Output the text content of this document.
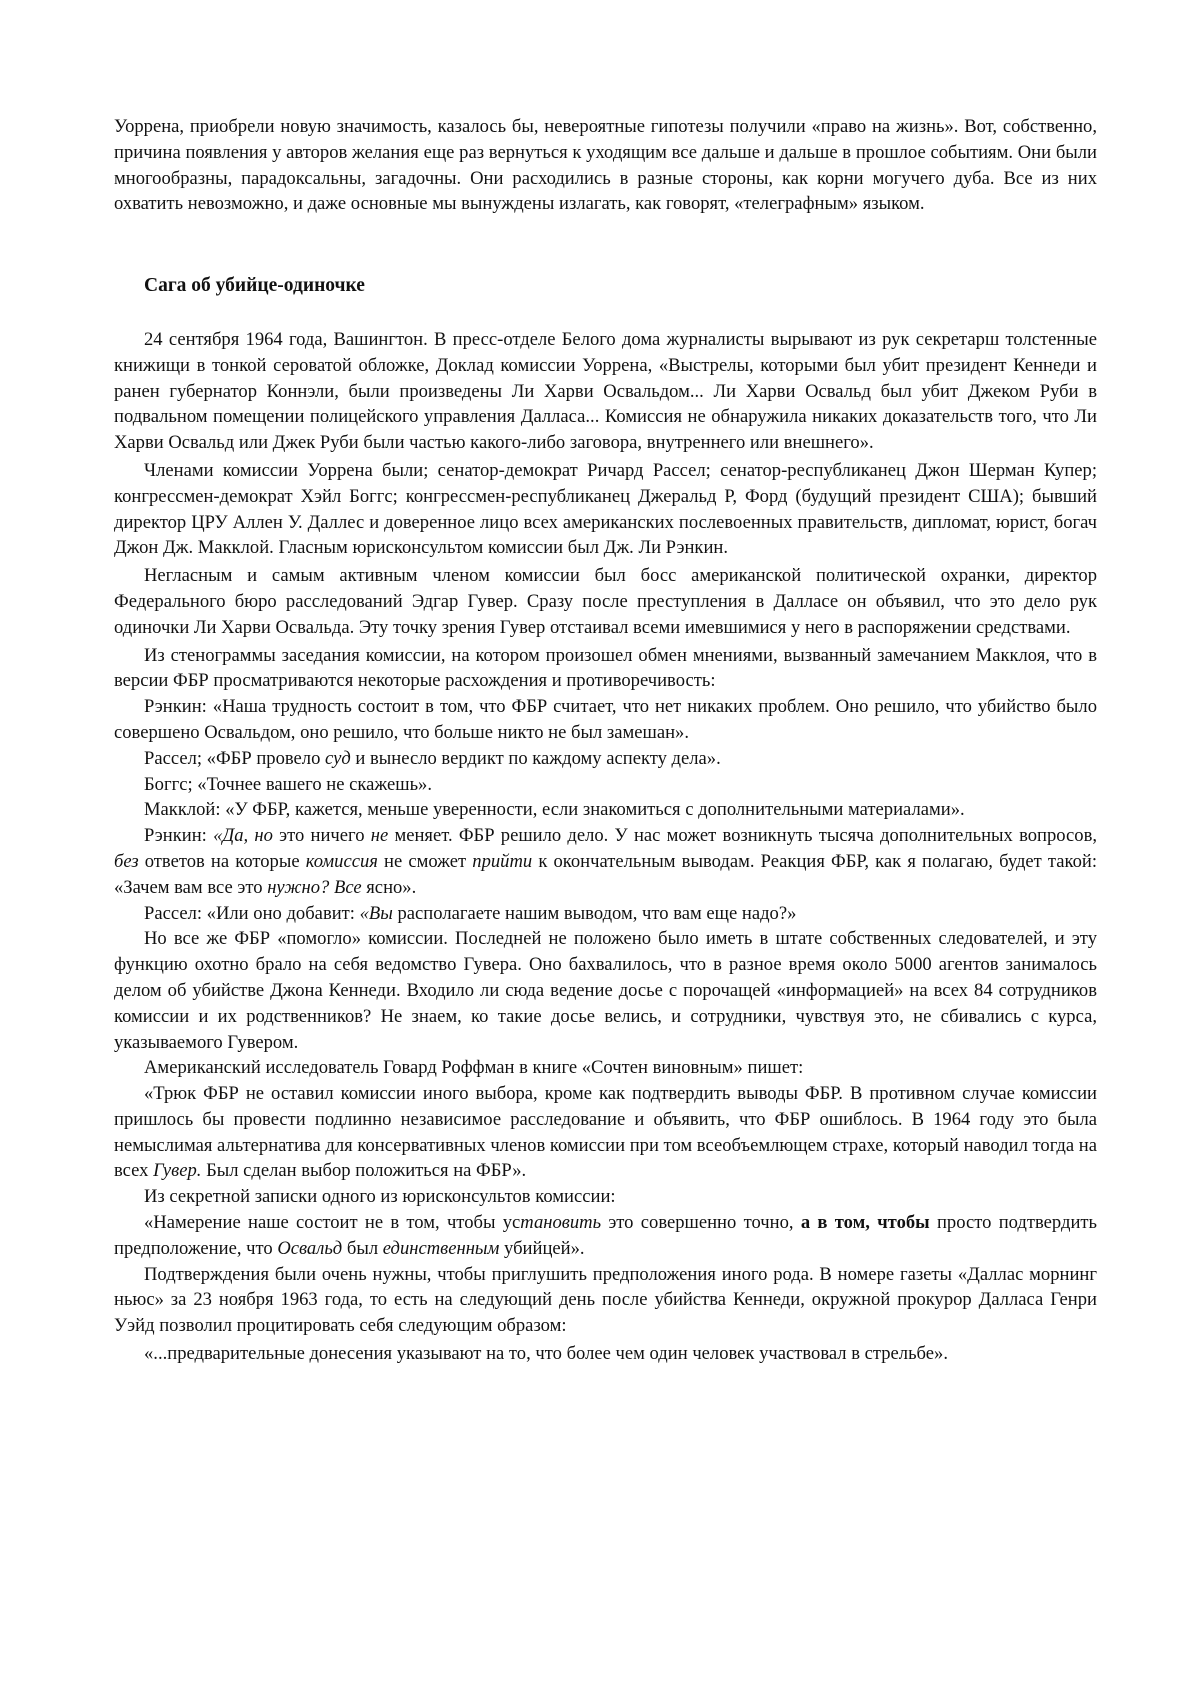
Уоррена, приобрели новую значимость, казалось бы, невероятные гипотезы получили «право на жизнь». Вот, собственно, причина появления у авторов желания еще раз вернуться к уходящим все дальше и дальше в прошлое событиям. Они были многообразны, парадоксальны, загадочны. Они расходились в разные стороны, как корни могучего дуба. Все из них охватить невозможно, и даже основные мы вынуждены излагать, как говорят, «телеграфным» языком.

Сага об убийце-одиночке

24 сентября 1964 года, Вашингтон. В пресс-отделе Белого дома журналисты вырывают из рук секретарш толстенные книжищи в тонкой сероватой обложке, Доклад комиссии Уоррена, «Выстрелы, которыми был убит президент Кеннеди и ранен губернатор Коннэли, были произведены Ли Харви Освальдом... Ли Харви Освальд был убит Джеком Руби в подвальном помещении полицейского управления Далласа... Комиссия не обнаружила никаких доказательств того, что Ли Харви Освальд или Джек Руби были частью какого-либо заговора, внутреннего или внешнего».

Членами комиссии Уоррена были; сенатор-демократ Ричард Рассел; сенатор-республиканец Джон Шерман Купер; конгрессмен-демократ Хэйл Боггс; конгрессмен-республиканец Джеральд Р, Форд (будущий президент США); бывший директор ЦРУ Аллен У. Даллес и доверенное лицо всех американских послевоенных правительств, дипломат, юрист, богач Джон Дж. Макклой. Гласным юрисконсультом комиссии был Дж. Ли Рэнкин.

Негласным и самым активным членом комиссии был босс американской политической охранки, директор Федерального бюро расследований Эдгар Гувер. Сразу после преступления в Далласе он объявил, что это дело рук одиночки Ли Харви Освальда. Эту точку зрения Гувер отстаивал всеми имевшимися у него в распоряжении средствами.

Из стенограммы заседания комиссии, на котором произошел обмен мнениями, вызванный замечанием Макклоя, что в версии ФБР просматриваются некоторые расхождения и противоречивость:

Рэнкин: «Наша трудность состоит в том, что ФБР считает, что нет никаких проблем. Оно решило, что убийство было совершено Освальдом, оно решило, что больше никто не был замешан».

Рассел; «ФБР провело суд и вынесло вердикт по каждому аспекту дела».

Боггс; «Точнее вашего не скажешь».

Макклой: «У ФБР, кажется, меньше уверенности, если знакомиться с дополнительными материалами».

Рэнкин: «Да, но это ничего не меняет. ФБР решило дело. У нас может возникнуть тысяча дополнительных вопросов, без ответов на которые комиссия не сможет прийти к окончательным выводам. Реакция ФБР, как я полагаю, будет такой: «Зачем вам все это нужно? Все ясно».

Рассел: «Или оно добавит: «Вы располагаете нашим выводом, что вам еще надо?»

Но все же ФБР «помогло» комиссии. Последней не положено было иметь в штате собственных следователей, и эту функцию охотно брало на себя ведомство Гувера. Оно бахвалилось, что в разное время около 5000 агентов занималось делом об убийстве Джона Кеннеди. Входило ли сюда ведение досье с порочащей «информацией» на всех 84 сотрудников комиссии и их родственников? Не знаем, ко такие досье велись, и сотрудники, чувствуя это, не сбивались с курса, указываемого Гувером.

Американский исследователь Говард Роффман в книге «Сочтен виновным» пишет:

«Трюк ФБР не оставил комиссии иного выбора, кроме как подтвердить выводы ФБР. В противном случае комиссии пришлось бы провести подлинно независимое расследование и объявить, что ФБР ошиблось. В 1964 году это была немыслимая альтернатива для консервативных членов комиссии при том всеобъемлющем страхе, который наводил тогда на всех Гувер. Был сделан выбор положиться на ФБР».

Из секретной записки одного из юрисконсультов комиссии:

«Намерение наше состоит не в том, чтобы установить это совершенно точно, а в том, чтобы просто подтвердить предположение, что Освальд был единственным убийцей».

Подтверждения были очень нужны, чтобы приглушить предположения иного рода. В номере газеты «Даллас морнинг ньюс» за 23 ноября 1963 года, то есть на следующий день после убийства Кеннеди, окружной прокурор Далласа Генри Уэйд позволил процитировать себя следующим образом:

«...предварительные донесения указывают на то, что более чем один человек участвовал в стрельбе».
